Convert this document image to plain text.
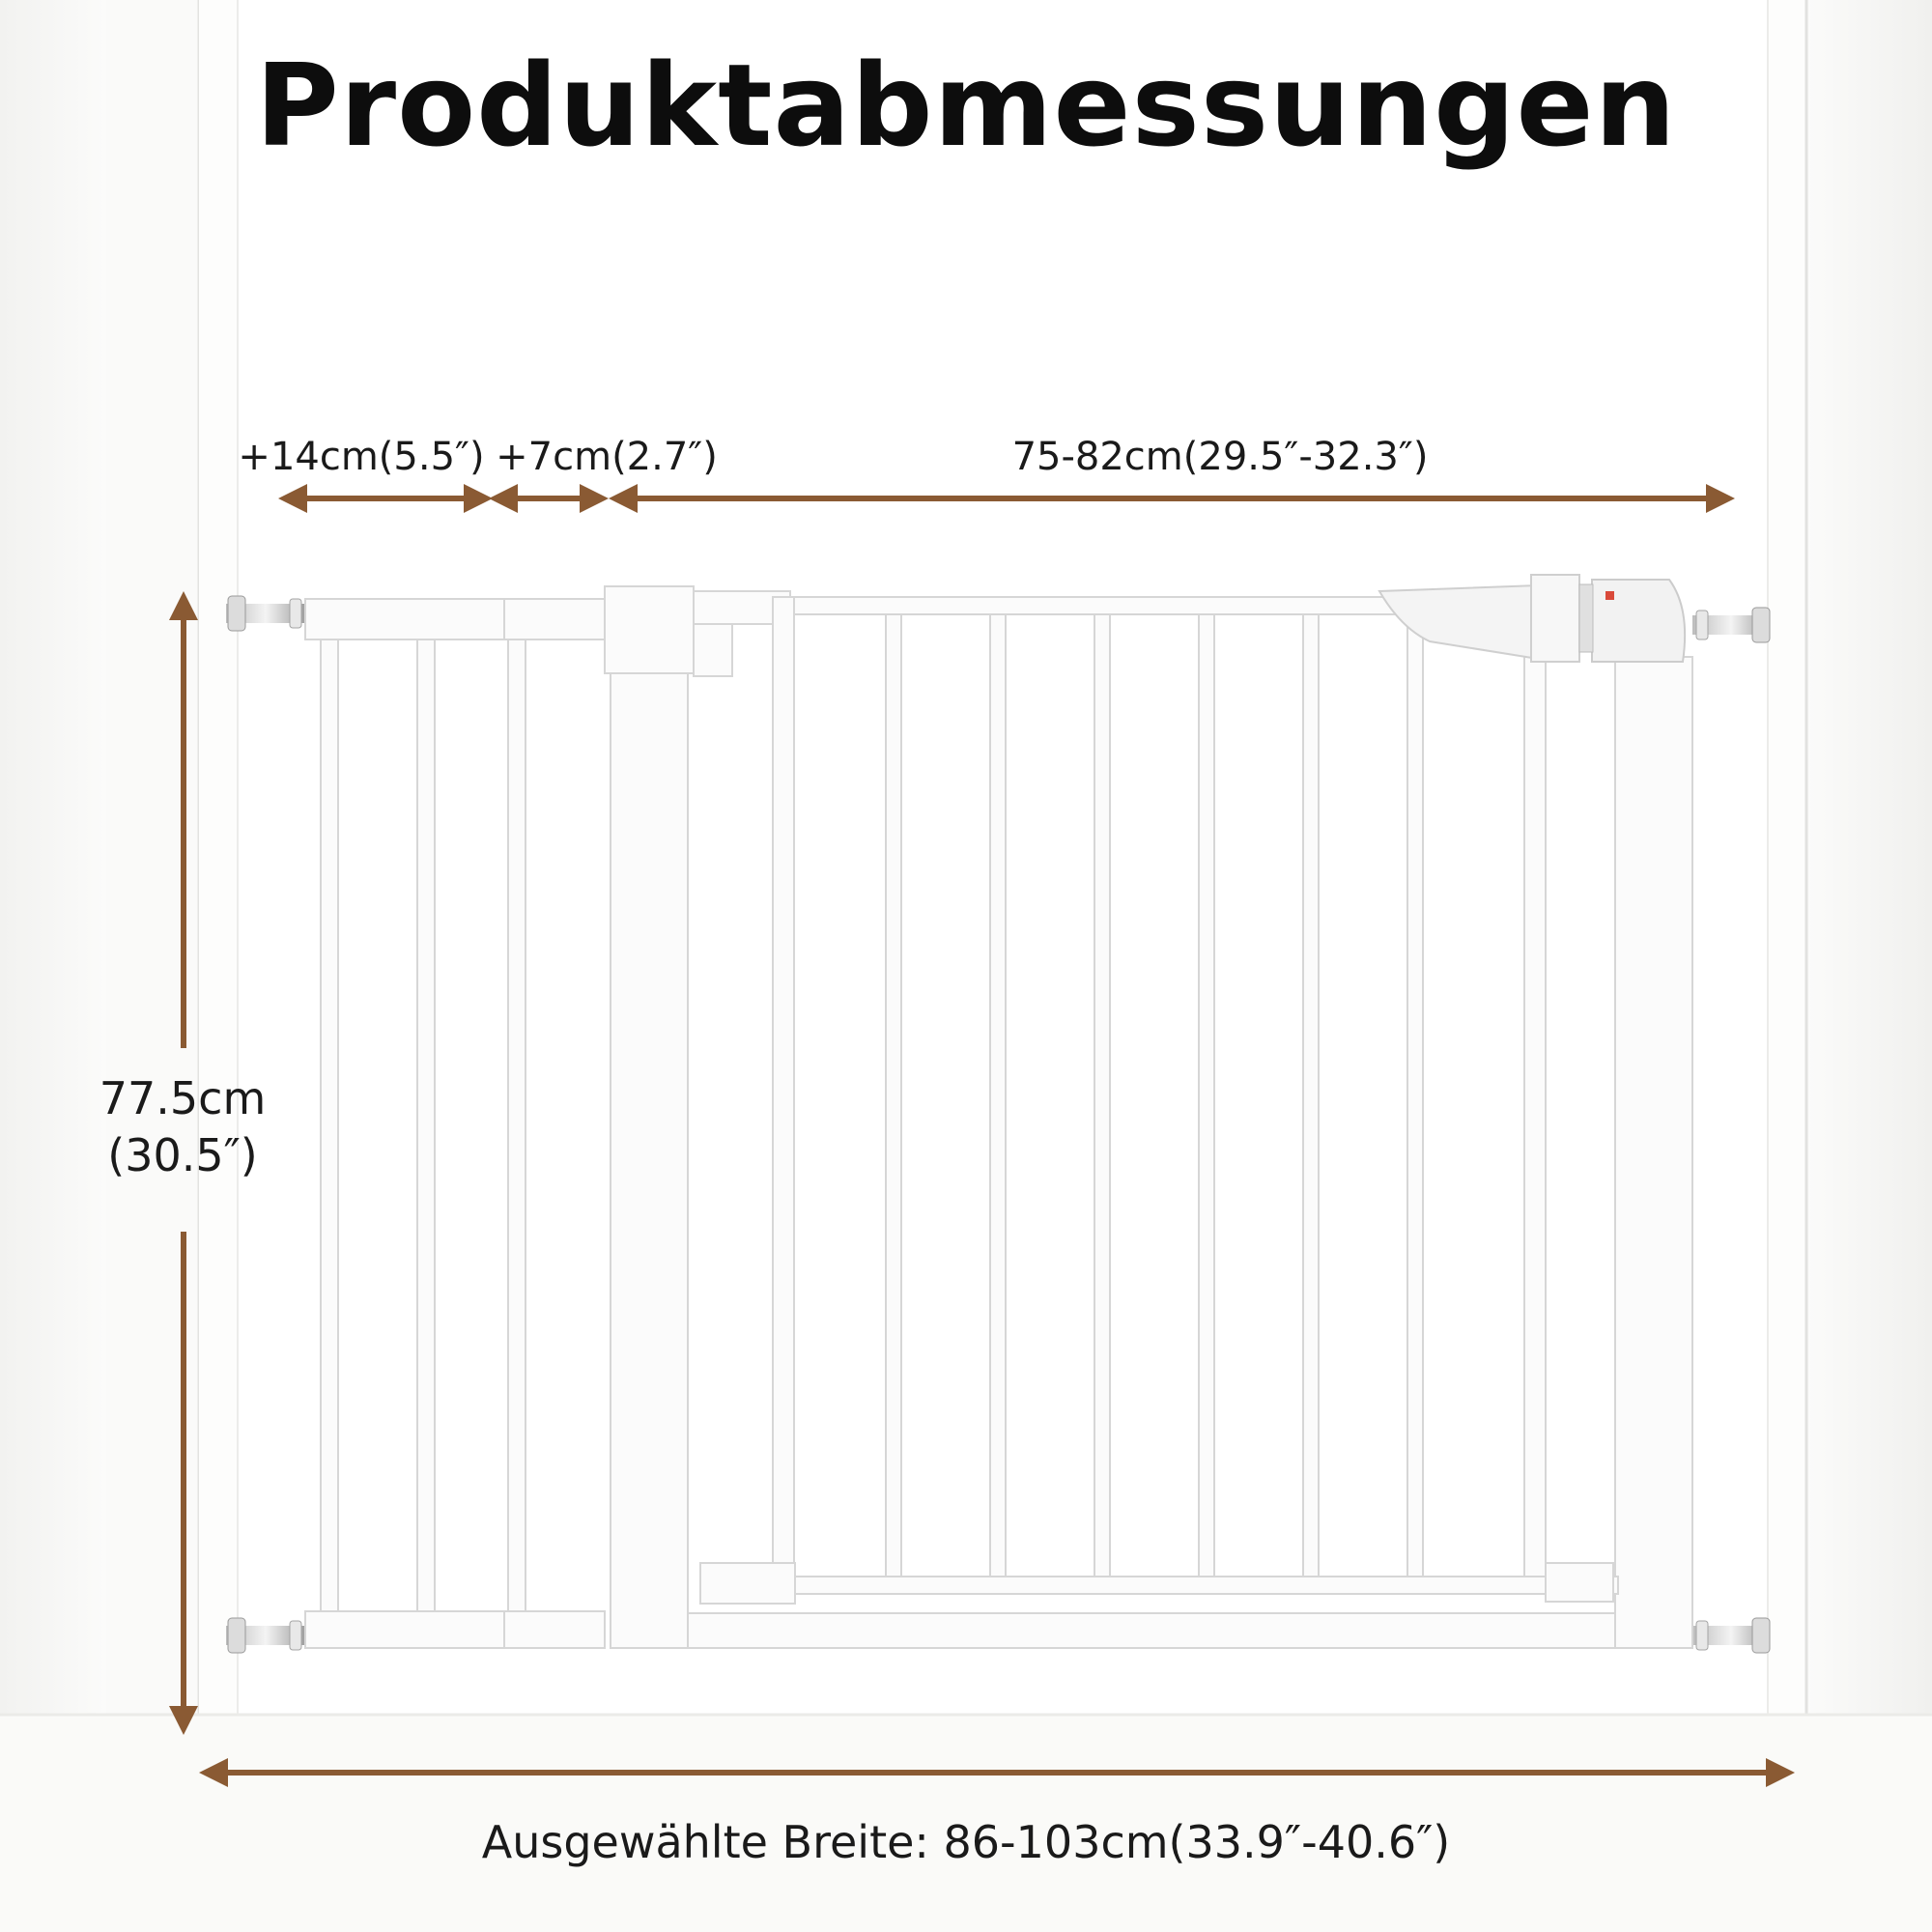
Produktabmessungen
+14cm(5.5″) +7cm(2.7″)	75-82cm(29.5″-32.3″)
77.5cm
(30.5″)
Ausgewählte Breite: 86-103cm(33.9″-40.6″)
